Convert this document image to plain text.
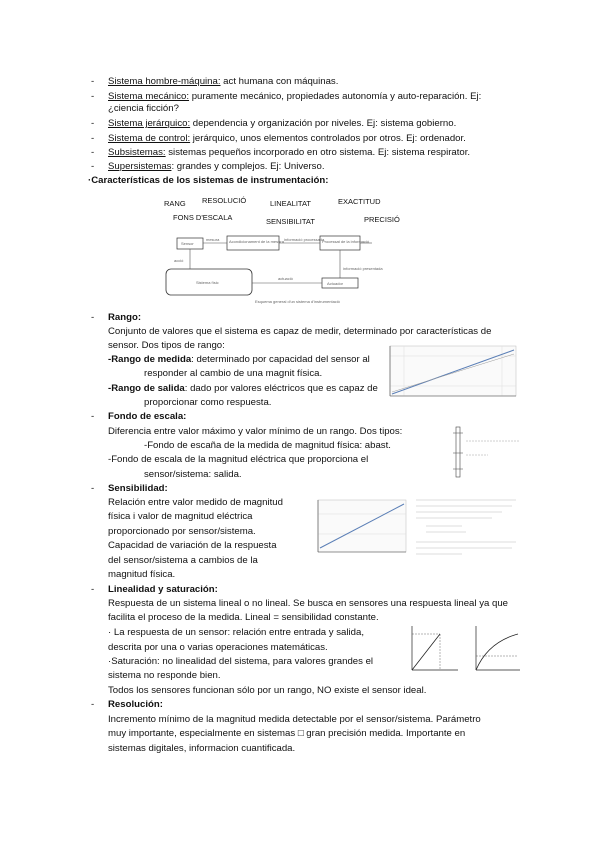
- Sistema hombre-máquina: act humana con máquinas.
- Sistema mecánico: puramente mecánico, propiedades autonomía y auto-reparación. Ej:
¿ciencia ficción?
- Sistema jerárquico: dependencia y organización por niveles. Ej: sistema gobierno.
- Sistema de control: jerárquico, unos elementos controlados por otros. Ej: ordenador.
- Subsistemas: sistemas pequeños incorporado en otro sistema. Ej: sistema respirator.
- Supersistemas: grandes y complejos. Ej: Universo.
·Características de los sistemas de instrumentación:
RANG RESOLUCIÓ	LINEALITAT	EXACTITUD
FONS D'ESCALA	SENSIBILITAT	PRECISIÓ
Sensor	Acondicionament de la mesura	Processat de la informació
Sistema físic	Actuador
mesura	informació processada
informació presentada
actuació
acció
Esquema general d'un sistema d'instrumentació
- Rango:
Conjunto de valores que el sistema es capaz de medir, determinado por características de
sensor. Dos tipos de rango:
-Rango de medida: determinado por capacidad del sensor al
responder al cambio de una magnit física.
-Rango de salida: dado por valores eléctricos que es capaz de
proporcionar como respuesta.
- Fondo de escala:
Diferencia entre valor máximo y valor mínimo de un rango. Dos tipos:
-Fondo de escaña de la medida de magnitud física: abast.
-Fondo de escala de la magnitud eléctrica que proporciona el
sensor/sistema: salida.
- Sensibilidad:
Relación entre valor medido de magnitud
física i valor de magnitud eléctrica
proporcionado por sensor/sistema.
Capacidad de variación de la respuesta
del sensor/sistema a cambios de la
magnitud física.
- Linealidad y saturación:
Respuesta de un sistema lineal o no lineal. Se busca en sensores una respuesta lineal ya que
facilita el proceso de la medida. Lineal = sensibilidad constante.
· La respuesta de un sensor: relación entre entrada y salida,
descrita por una o varias operaciones matemáticas.
·Saturación: no linealidad del sistema, para valores grandes el
sistema no responde bien.
Todos los sensores funcionan sólo por un rango, NO existe el sensor ideal.
- Resolución:
Incremento mínimo de la magnitud medida detectable por el sensor/sistema. Parámetro
muy importante, especialmente en sistemas □ gran precisión medida. Importante en
sistemas digitales, informacion cuantificada.
